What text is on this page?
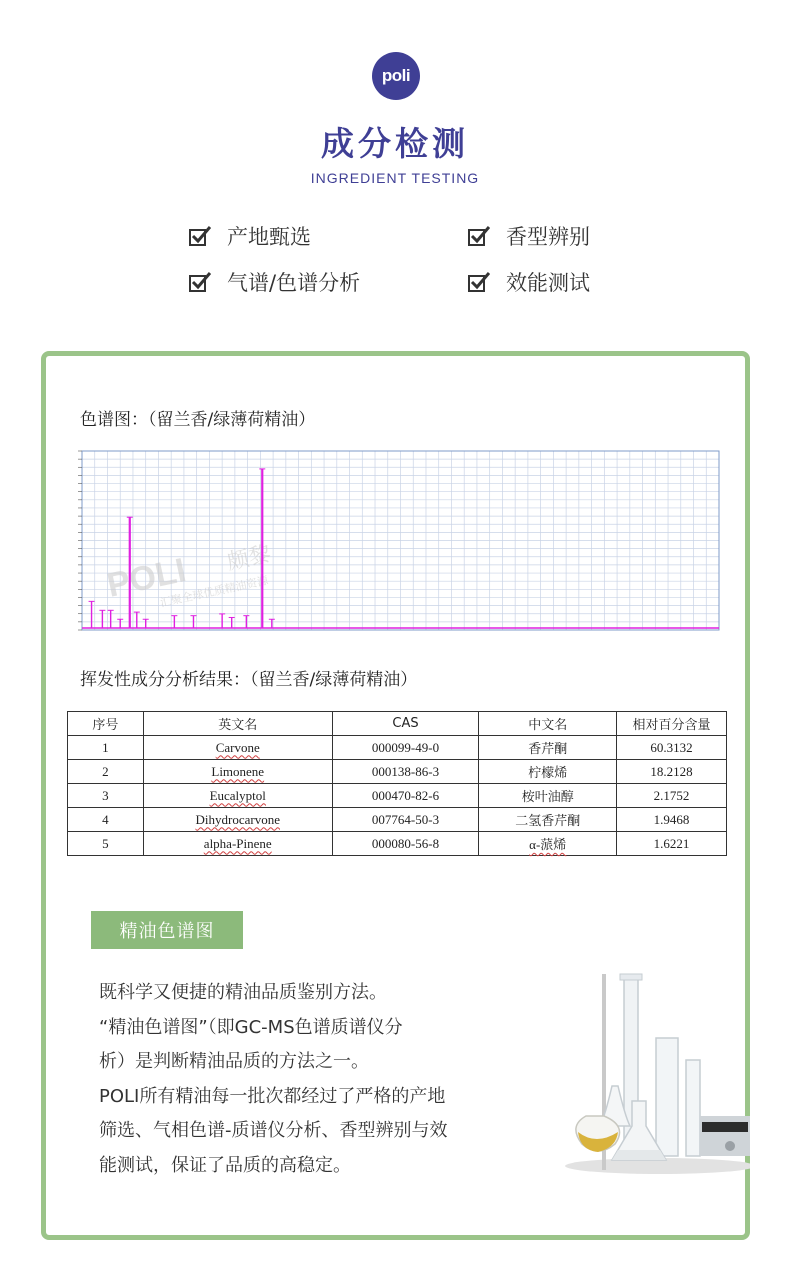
poli
成分检测
INGREDIENT TESTING
产地甄选	香型辨别
气谱/色谱分析	效能测试
色谱图：（留兰香/绿薄荷精油）
POLI 颇黎
汇聚全球优质精油资源
挥发性成分分析结果：（留兰香/绿薄荷精油）
序号	英文名	CAS	中文名	相对百分含量
1	Carvone	000099-49-0	香芹酮	60.3132
2	Limonene	000138-86-3	柠檬烯	18.2128
3	Eucalyptol	000470-82-6	桉叶油醇	2.1752
4	Dihydrocarvone	007764-50-3	二氢香芹酮	1.9468
5	alpha-Pinene	000080-56-8	α-蒎烯	1.6221
精油色谱图
既科学又便捷的精油品质鉴别方法。
“精油色谱图”（即GC-MS色谱质谱仪分
析）是判断精油品质的方法之一。
POLI所有精油每一批次都经过了严格的产地
筛选、气相色谱-质谱仪分析、香型辨别与效
能测试，保证了品质的高稳定。
